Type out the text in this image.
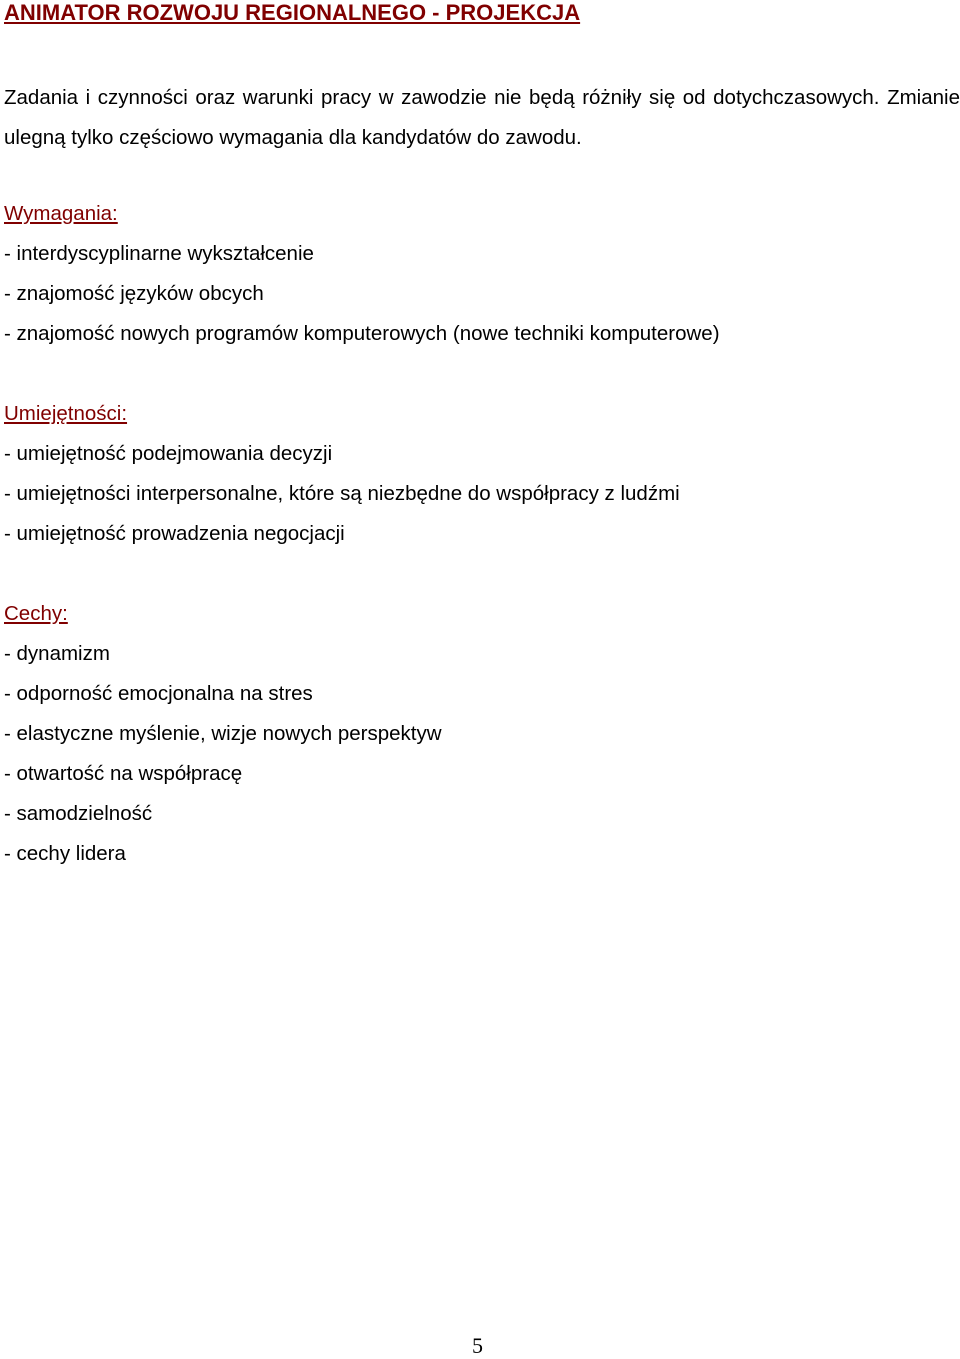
ANIMATOR ROZWOJU REGIONALNEGO - PROJEKCJA

Zadania i czynności oraz warunki pracy w zawodzie nie będą różniły się od dotychczasowych. Zmianie ulegną tylko częściowo wymagania dla kandydatów do zawodu.

Wymagania:
- interdyscyplinarne wykształcenie
- znajomość języków obcych
- znajomość nowych programów komputerowych (nowe techniki komputerowe)
Umiejętności:
- umiejętność podejmowania decyzji
- umiejętności interpersonalne, które są niezbędne do współpracy z ludźmi
- umiejętność prowadzenia negocjacji
Cechy:
- dynamizm
- odporność emocjonalna na stres
- elastyczne myślenie, wizje nowych perspektyw
- otwartość na współpracę
- samodzielność
- cechy lidera
5
